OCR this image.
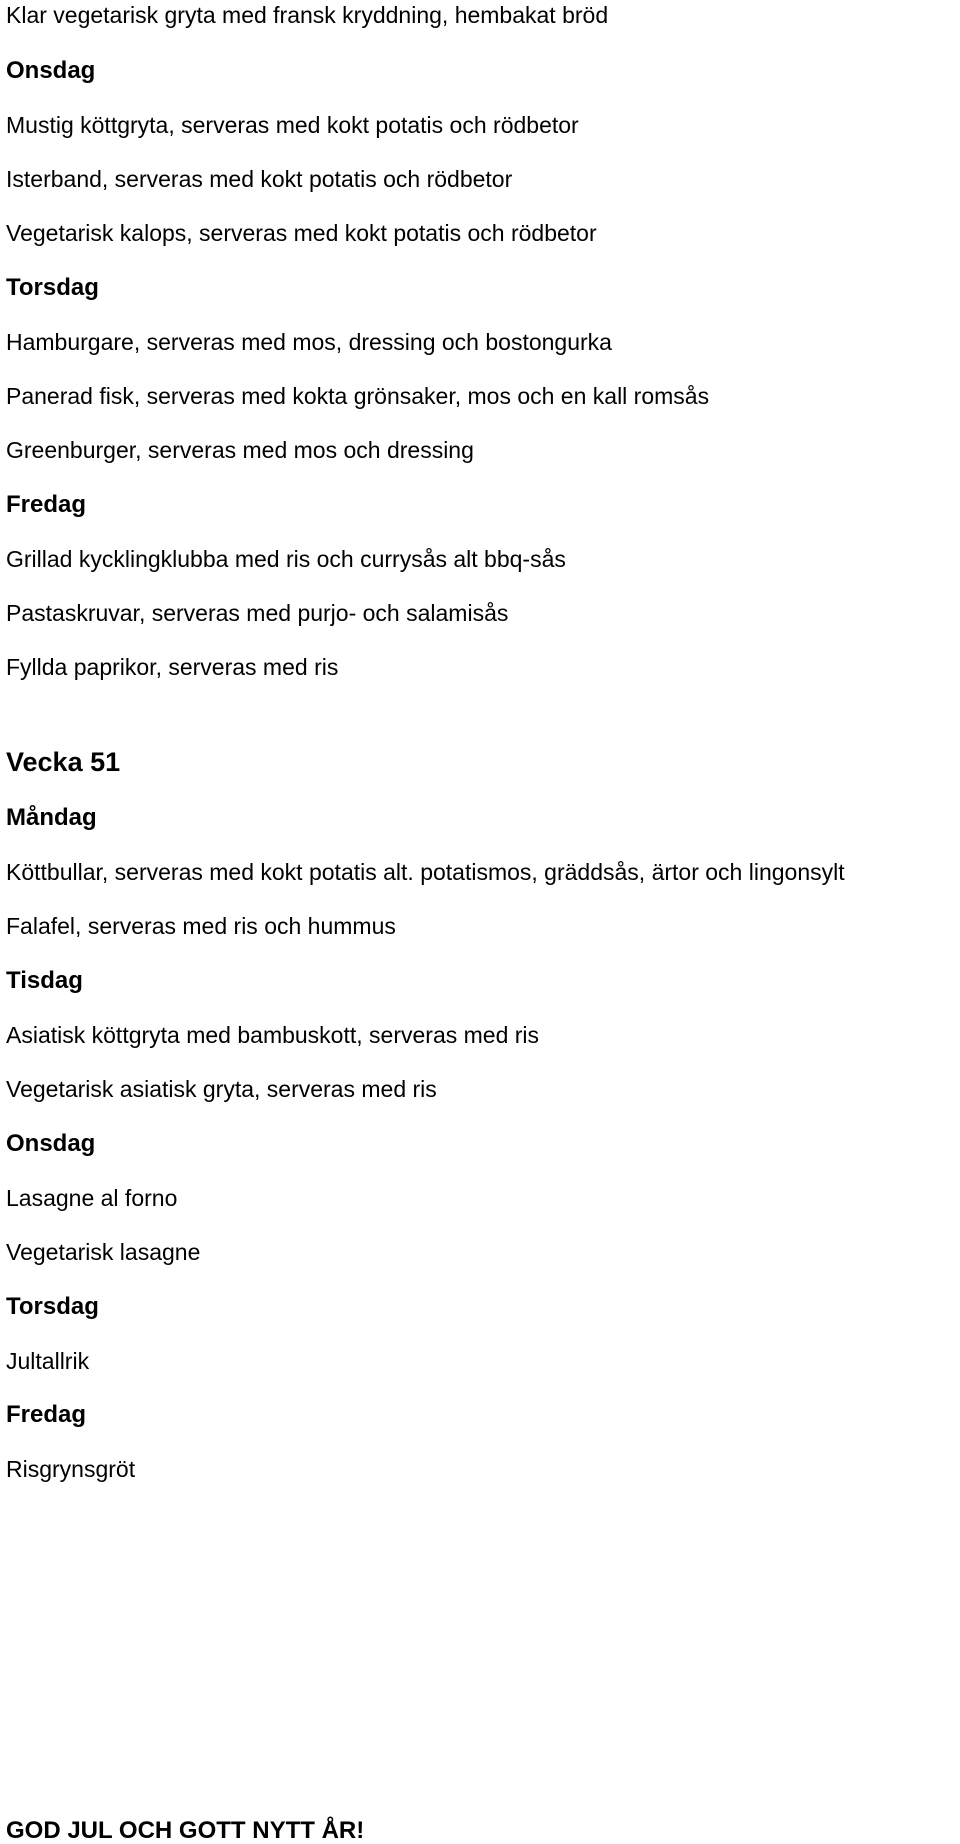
Klar vegetarisk gryta med fransk kryddning, hembakat bröd
Onsdag
Mustig köttgryta, serveras med kokt potatis och rödbetor
Isterband, serveras med kokt potatis och rödbetor
Vegetarisk kalops, serveras med kokt potatis och rödbetor
Torsdag
Hamburgare, serveras med mos, dressing och bostongurka
Panerad fisk, serveras med kokta grönsaker, mos och en kall romsås
Greenburger, serveras med mos och dressing
Fredag
Grillad kycklingklubba med ris och currysås alt bbq-sås
Pastaskruvar, serveras med purjo- och salamisås
Fyllda paprikor, serveras med ris
Vecka 51
Måndag
Köttbullar, serveras med kokt potatis alt. potatismos, gräddsås, ärtor och lingonsylt
Falafel, serveras med ris och hummus
Tisdag
Asiatisk köttgryta med bambuskott, serveras med ris
Vegetarisk asiatisk gryta, serveras med ris
Onsdag
Lasagne al forno
Vegetarisk lasagne
Torsdag
Jultallrik
Fredag
Risgrynsgröt
GOD JUL OCH GOTT NYTT ÅR!
